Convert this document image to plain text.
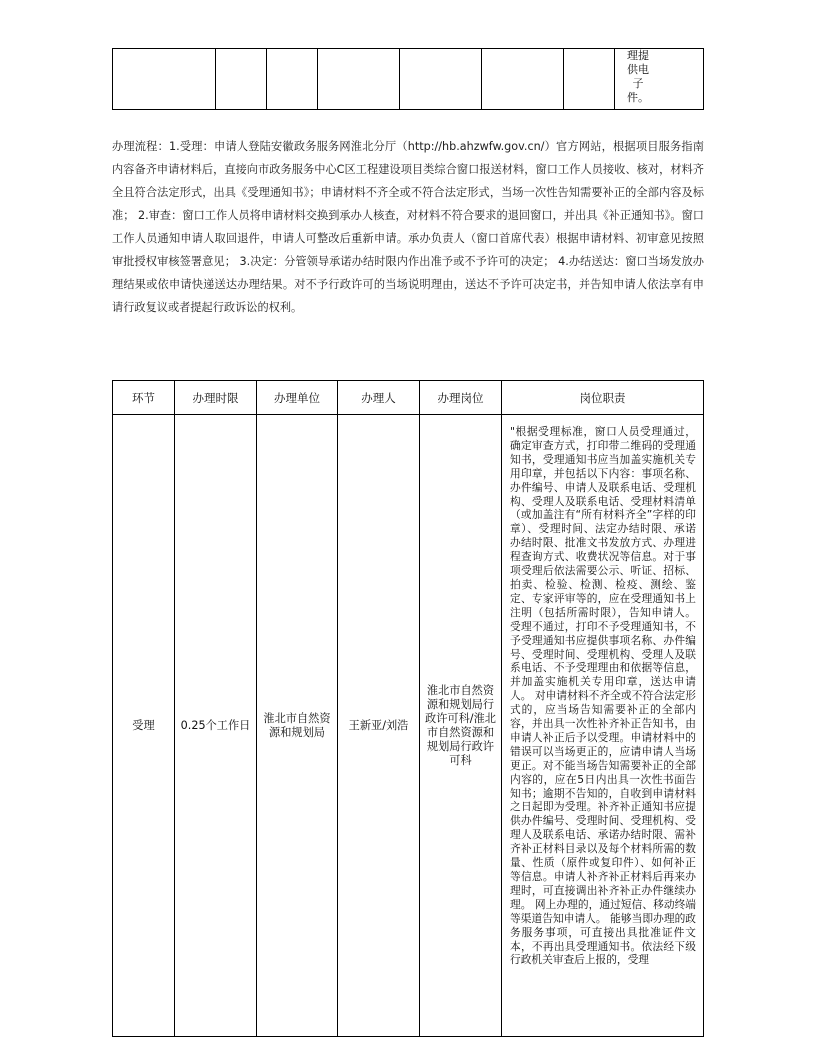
理提供电子件。

办理流程：1.受理：申请人登陆安徽政务服务网淮北分厅（http://hb.ahzwfw.gov.cn/）官方网站，根据项目服务指南内容备齐申请材料后，直接向市政务服务中心C区工程建设项目类综合窗口报送材料，窗口工作人员接收、核对，材料齐全且符合法定形式，出具《受理通知书》；申请材料不齐全或不符合法定形式，当场一次性告知需要补正的全部内容及标准； 2.审查：窗口工作人员将申请材料交换到承办人核查，对材料不符合要求的退回窗口，并出具《补正通知书》。窗口工作人员通知申请人取回退件，申请人可整改后重新申请。承办负责人（窗口首席代表）根据申请材料、初审意见按照审批授权审核签署意见； 3.决定：分管领导承诺办结时限内作出准予或不予许可的决定； 4.办结送达：窗口当场发放办理结果或依申请快递送达办理结果。对不予行政许可的当场说明理由，送达不予许可决定书，并告知申请人依法享有申请行政复议或者提起行政诉讼的权利。

环节	办理时限	办理单位	办理人	办理岗位	岗位职责
受理	0.25个工作日	淮北市自然资源和规划局	王新亚/刘浩	淮北市自然资源和规划局行政许可科/淮北市自然资源和规划局行政许可科	"根据受理标准，窗口人员受理通过，确定审查方式，打印带二维码的受理通知书，受理通知书应当加盖实施机关专用印章，并包括以下内容：事项名称、办件编号、申请人及联系电话、受理机构、受理人及联系电话、受理材料清单（或加盖注有“所有材料齐全”字样的印章）、受理时间、法定办结时限、承诺办结时限、批准文书发放方式、办理进程查询方式、收费状况等信息。对于事项受理后依法需要公示、听证、招标、拍卖、检验、检测、检疫、测绘、鉴定、专家评审等的，应在受理通知书上注明（包括所需时限），告知申请人。 受理不通过，打印不予受理通知书，不予受理通知书应提供事项名称、办件编号、受理时间、受理机构、受理人及联系电话、不予受理理由和依据等信息，并加盖实施机关专用印章，送达申请人。 对申请材料不齐全或不符合法定形式的，应当场告知需要补正的全部内容，并出具一次性补齐补正告知书，由申请人补正后予以受理。申请材料中的错误可以当场更正的，应请申请人当场更正。对不能当场告知需要补正的全部内容的，应在5日内出具一次性书面告知书；逾期不告知的，自收到申请材料之日起即为受理。补齐补正通知书应提供办件编号、受理时间、受理机构、受理人及联系电话、承诺办结时限、需补齐补正材料目录以及每个材料所需的数量、性质（原件或复印件）、如何补正等信息。申请人补齐补正材料后再来办理时，可直接调出补齐补正办件继续办理。 网上办理的，通过短信、移动终端等渠道告知申请人。 能够当即办理的政务服务事项，可直接出具批准证件文本，不再出具受理通知书。依法经下级行政机关审查后上报的，受理
